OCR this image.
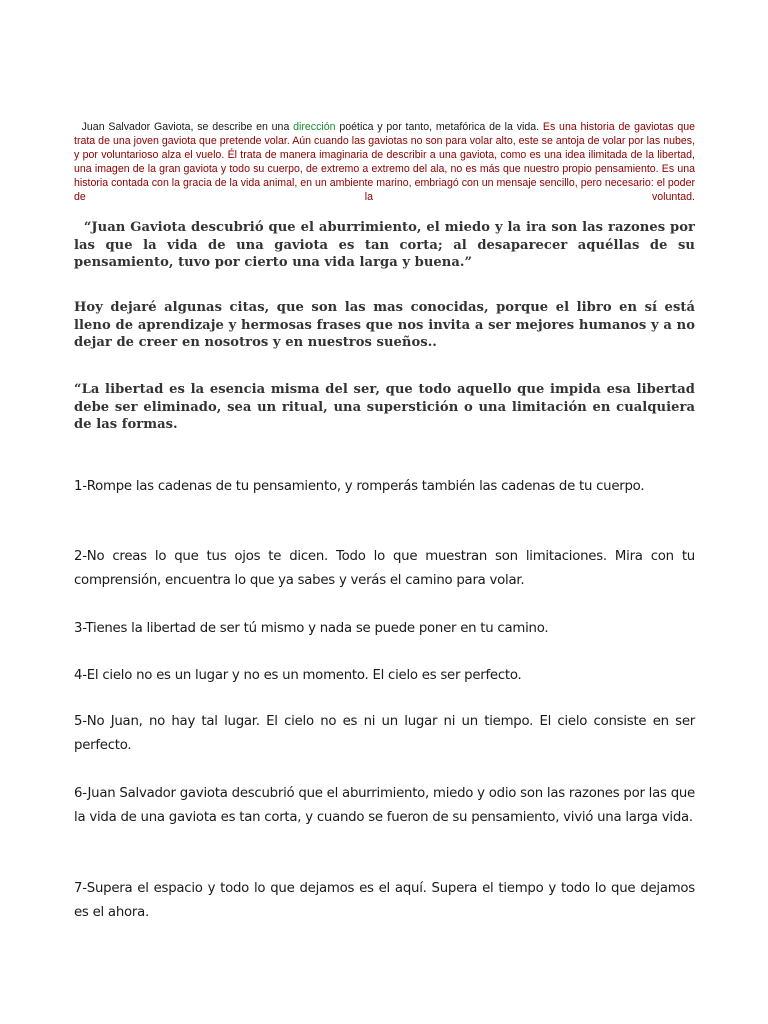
Juan Salvador Gaviota, se describe en una dirección poética y por tanto, metafórica de la vida. Es una historia de gaviotas que trata de una joven gaviota que pretende volar. Aún cuando las gaviotas no son para volar alto, este se antoja de volar por las nubes, y por voluntarioso alza el vuelo. Él trata de manera imaginaria de describir a una gaviota, como es una idea ilimitada de la libertad, una imagen de la gran gaviota y todo su cuerpo, de extremo a extremo del ala, no es más que nuestro propio pensamiento. Es una historia contada con la gracia de la vida animal, en un ambiente marino, embriagó con un mensaje sencillo, pero necesario: el poder de la voluntad.

“Juan Gaviota descubrió que el aburrimiento, el miedo y la ira son las razones por las que la vida de una gaviota es tan corta; al desaparecer aquéllas de su pensamiento, tuvo por cierto una vida larga y buena.”

Hoy dejaré algunas citas, que son las mas conocidas, porque el libro en sí está lleno de aprendizaje y hermosas frases que nos invita a ser mejores humanos y a no dejar de creer en nosotros y en nuestros sueños..

“La libertad es la esencia misma del ser, que todo aquello que impida esa libertad debe ser eliminado, sea un ritual, una superstición o una limitación en cualquiera de las formas.

1-Rompe las cadenas de tu pensamiento, y romperás también las cadenas de tu cuerpo.

2-No creas lo que tus ojos te dicen. Todo lo que muestran son limitaciones. Mira con tu comprensión, encuentra lo que ya sabes y verás el camino para volar.

3-Tienes la libertad de ser tú mismo y nada se puede poner en tu camino.

4-El cielo no es un lugar y no es un momento. El cielo es ser perfecto.

5-No Juan, no hay tal lugar. El cielo no es ni un lugar ni un tiempo. El cielo consiste en ser perfecto.

6-Juan Salvador gaviota descubrió que el aburrimiento, miedo y odio son las razones por las que la vida de una gaviota es tan corta, y cuando se fueron de su pensamiento, vivió una larga vida.

7-Supera el espacio y todo lo que dejamos es el aquí. Supera el tiempo y todo lo que dejamos es el ahora.
